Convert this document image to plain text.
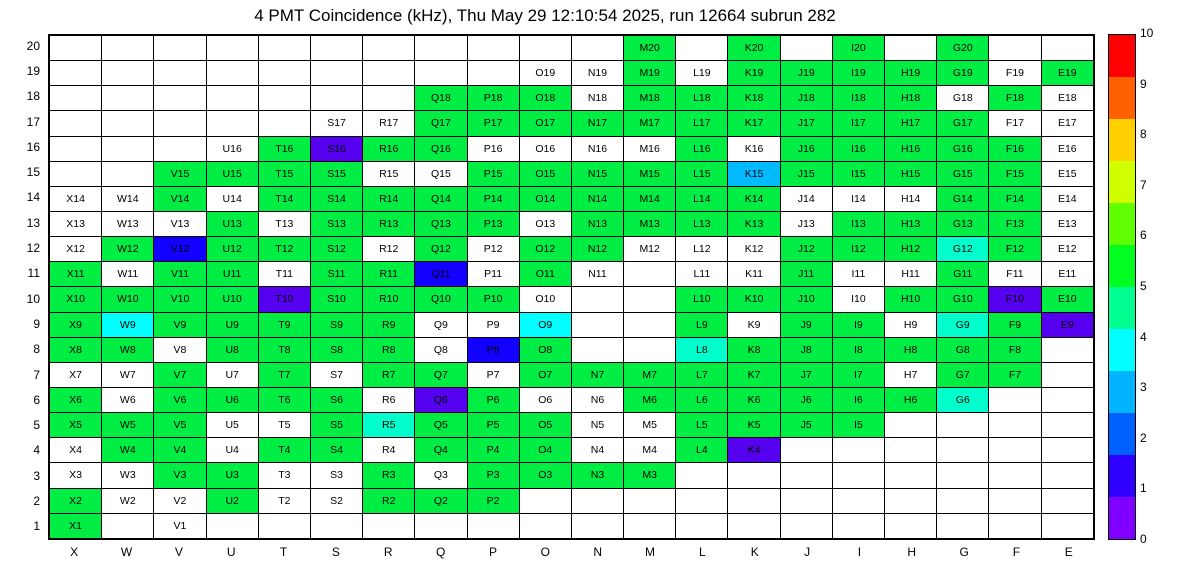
4 PMT Coincidence (kHz), Thu May 29 12:10:54 2025, run 12664 subrun 282
											M20		K20		I20		G20		
									O19	N19	M19	L19	K19	J19	I19	H19	G19	F19	E19
							Q18	P18	O18	N18	M18	L18	K18	J18	I18	H18	G18	F18	E18
					S17	R17	Q17	P17	O17	N17	M17	L17	K17	J17	I17	H17	G17	F17	E17
			U16	T16	S16	R16	Q16	P16	O16	N16	M16	L16	K16	J16	I16	H16	G16	F16	E16
		V15	U15	T15	S15	R15	Q15	P15	O15	N15	M15	L15	K15	J15	I15	H15	G15	F15	E15
X14	W14	V14	U14	T14	S14	R14	Q14	P14	O14	N14	M14	L14	K14	J14	I14	H14	G14	F14	E14
X13	W13	V13	U13	T13	S13	R13	Q13	P13	O13	N13	M13	L13	K13	J13	I13	H13	G13	F13	E13
X12	W12	V12	U12	T12	S12	R12	Q12	P12	O12	N12	M12	L12	K12	J12	I12	H12	G12	F12	E12
X11	W11	V11	U11	T11	S11	R11	Q11	P11	O11	N11		L11	K11	J11	I11	H11	G11	F11	E11
X10	W10	V10	U10	T10	S10	R10	Q10	P10	O10			L10	K10	J10	I10	H10	G10	F10	E10
X9	W9	V9	U9	T9	S9	R9	Q9	P9	O9			L9	K9	J9	I9	H9	G9	F9	E9
X8	W8	V8	U8	T8	S8	R8	Q8	P8	O8			L8	K8	J8	I8	H8	G8	F8	
X7	W7	V7	U7	T7	S7	R7	Q7	P7	O7	N7	M7	L7	K7	J7	I7	H7	G7	F7	
X6	W6	V6	U6	T6	S6	R6	Q6	P6	O6	N6	M6	L6	K6	J6	I6	H6	G6		
X5	W5	V5	U5	T5	S5	R5	Q5	P5	O5	N5	M5	L5	K5	J5	I5				
X4	W4	V4	U4	T4	S4	R4	Q4	P4	O4	N4	M4	L4	K4						
X3	W3	V3	U3	T3	S3	R3	Q3	P3	O3	N3	M3								
X2	W2	V2	U2	T2	S2	R2	Q2	P2											
X1		V1																	
20
19
18
17
16
15
14
13
12
11
10
9
8
7
6
5
4
3
2
1
X	W	V	U	T	S	R	Q	P	O	N	M	L	K	J	I	H	G	F	E
0
1
2
3
4
5
6
7
8
9
10
